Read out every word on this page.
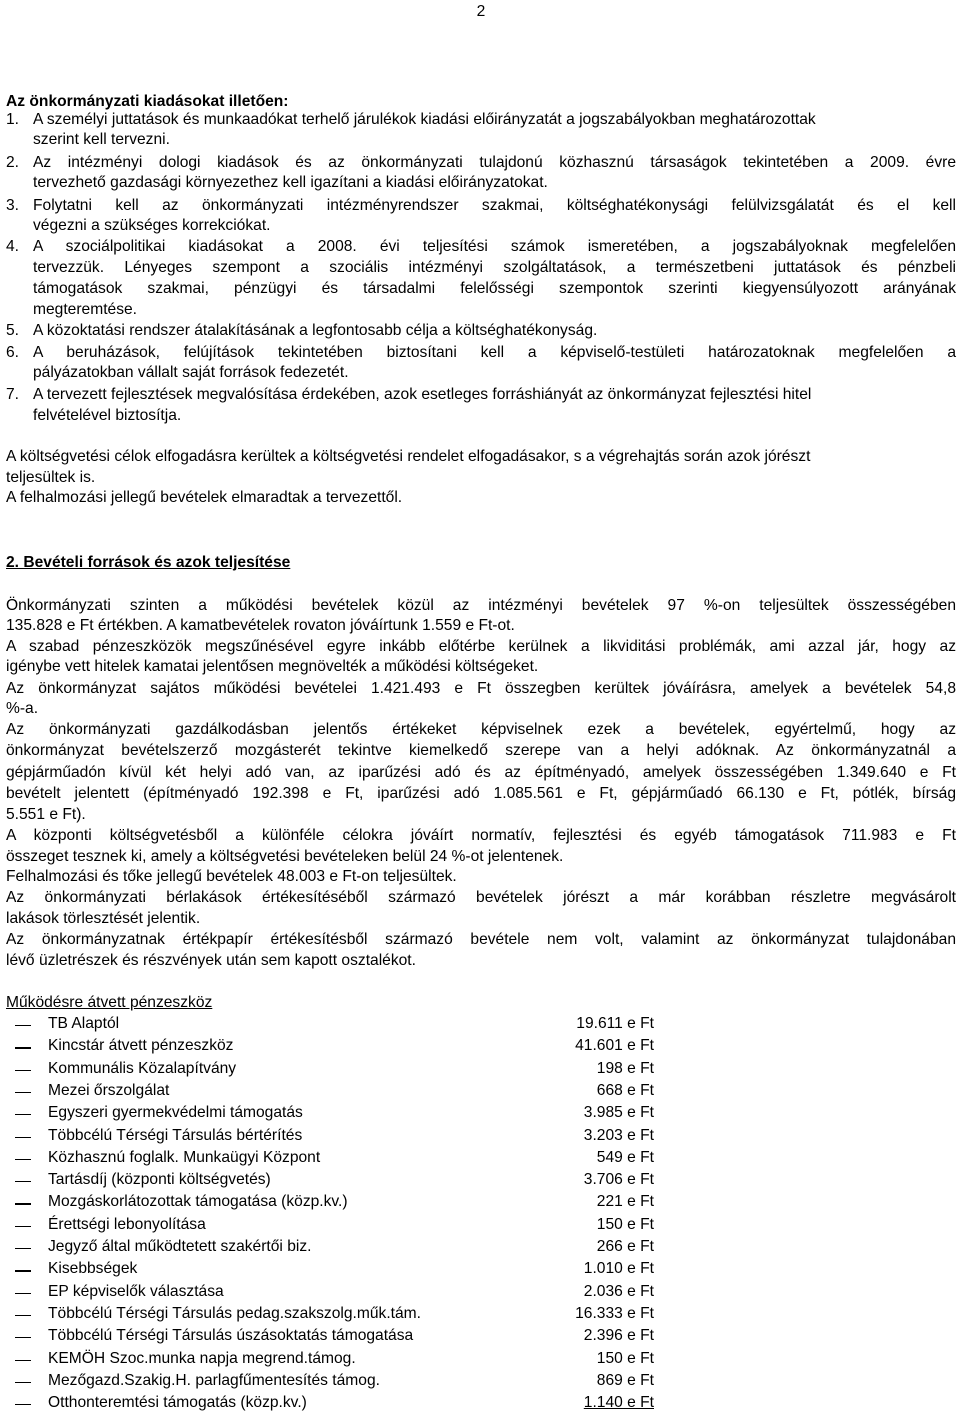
2
Az önkormányzati kiadásokat illetően:
1. A személyi juttatások és munkaadókat terhelő járulékok kiadási előirányzatát a jogszabályokban meghatározottak
szerint kell tervezni.
2. Az intézményi dologi kiadások és az önkormányzati tulajdonú közhasznú társaságok tekintetében a 2009. évre
tervezhető gazdasági környezethez kell igazítani a kiadási előirányzatokat.
3. Folytatni kell az önkormányzati intézményrendszer szakmai, költséghatékonysági felülvizsgálatát és el kell
végezni a szükséges korrekciókat.
4. A szociálpolitikai kiadásokat a 2008. évi teljesítési számok ismeretében, a jogszabályoknak megfelelően
tervezzük. Lényeges szempont a szociális intézményi szolgáltatások, a természetbeni juttatások és pénzbeli
támogatások szakmai, pénzügyi és társadalmi felelősségi szempontok szerinti kiegyensúlyozott arányának
megteremtése.
5. A közoktatási rendszer átalakításának a legfontosabb célja a költséghatékonyság.
6. A beruházások, felújítások tekintetében biztosítani kell a képviselő-testületi határozatoknak megfelelően a
pályázatokban vállalt saját források fedezetét.
7. A tervezett fejlesztések megvalósítása érdekében, azok esetleges forráshiányát az önkormányzat fejlesztési hitel
felvételével biztosítja.
A költségvetési célok elfogadásra kerültek a költségvetési rendelet elfogadásakor, s a végrehajtás során azok jórészt
teljesültek is.
A felhalmozási jellegű bevételek elmaradtak a tervezettől.
2. Bevételi források és azok teljesítése
Önkormányzati szinten a működési bevételek közül az intézményi bevételek 97 %-on teljesültek összességében
135.828 e Ft értékben. A kamatbevételek rovaton jóváírtunk 1.559 e Ft-ot.
A szabad pénzeszközök megszűnésével egyre inkább előtérbe kerülnek a likviditási problémák, ami azzal jár, hogy az
igénybe vett hitelek kamatai jelentősen megnövelték a működési költségeket.
Az önkormányzat sajátos működési bevételei 1.421.493 e Ft összegben kerültek jóváírásra, amelyek a bevételek 54,8
%-a.
Az önkormányzati gazdálkodásban jelentős értékeket képviselnek ezek a bevételek, egyértelmű, hogy az
önkormányzat bevételszerző mozgásterét tekintve kiemelkedő szerepe van a helyi adóknak. Az önkormányzatnál a
gépjárműadón kívül két helyi adó van, az iparűzési adó és az építményadó, amelyek összességében 1.349.640 e Ft
bevételt jelentett (építményadó 192.398 e Ft, iparűzési adó 1.085.561 e Ft, gépjárműadó 66.130 e Ft, pótlék, bírság
5.551 e Ft).
A központi költségvetésből a különféle célokra jóváírt normatív, fejlesztési és egyéb támogatások 711.983 e Ft
összeget tesznek ki, amely a költségvetési bevételeken belül 24 %-ot jelentenek.
Felhalmozási és tőke jellegű bevételek 48.003 e Ft-on teljesültek.
Az önkormányzati bérlakások értékesítéséből származó bevételek jórészt a már korábban részletre megvásárolt
lakások törlesztését jelentik.
Az önkormányzatnak értékpapír értékesítésből származó bevétele nem volt, valamint az önkormányzat tulajdonában
lévő üzletrészek és részvények után sem kapott osztalékot.
Működésre átvett pénzeszköz
TB Alaptól	19.611 e Ft
Kincstár átvett pénzeszköz	41.601 e Ft
Kommunális Közalapítvány	198 e Ft
Mezei őrszolgálat	668 e Ft
Egyszeri gyermekvédelmi támogatás	3.985 e Ft
Többcélú Térségi Társulás bértérítés	3.203 e Ft
Közhasznú foglalk. Munkaügyi Központ	549 e Ft
Tartásdíj (központi költségvetés)	3.706 e Ft
Mozgáskorlátozottak támogatása (közp.kv.)	221 e Ft
Érettségi lebonyolítása	150 e Ft
Jegyző által működtetett szakértői biz.	266 e Ft
Kisebbségek	1.010 e Ft
EP képviselők választása	2.036 e Ft
Többcélú Térségi Társulás pedag.szakszolg.műk.tám.	16.333 e Ft
Többcélú Térségi Társulás úszásoktatás támogatása	2.396 e Ft
KEMÖH Szoc.munka napja megrend.támog.	150 e Ft
Mezőgazd.Szakig.H. parlagfűmentesítés támog.	869 e Ft
Otthonteremtési támogatás (közp.kv.)	1.140 e Ft
